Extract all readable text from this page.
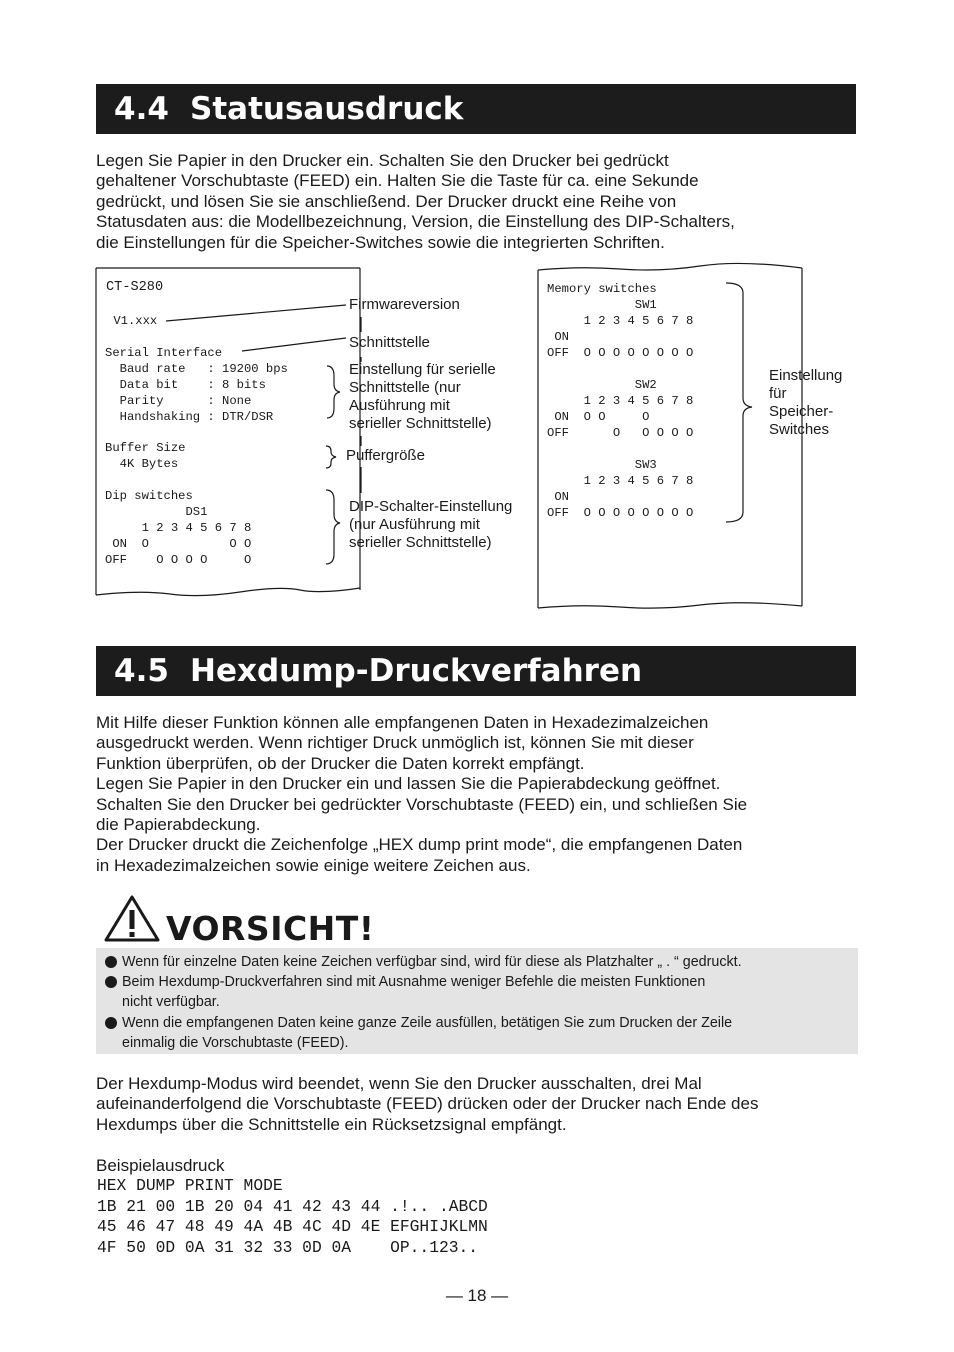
4.4 Statusausdruck
Legen Sie Papier in den Drucker ein. Schalten Sie den Drucker bei gedrückt
gehaltener Vorschubtaste (FEED) ein. Halten Sie die Taste für ca. eine Sekunde
gedrückt, und lösen Sie sie anschließend. Der Drucker druckt eine Reihe von
Statusdaten aus: die Modellbezeichnung, Version, die Einstellung des DIP-Schalters,
die Einstellungen für die Speicher-Switches sowie die integrierten Schriften.
CT-S280
V1.xxx
Serial Interface
Baud rate   : 19200 bps
Data bit    : 8 bits
Parity      : None
Handshaking : DTR/DSR
Buffer Size
4K Bytes
Dip switches
DS1
1 2 3 4 5 6 7 8
ON  O           O O
OFF    O O O O     O
Firmwareversion
Schnittstelle
Einstellung für serielle
Schnittstelle (nur
Ausführung mit
serieller Schnittstelle)
Puffergröße
DIP-Schalter-Einstellung
(nur Ausführung mit
serieller Schnittstelle)
Memory switches
SW1
1 2 3 4 5 6 7 8
ON
OFF  O O O O O O O O
SW2
1 2 3 4 5 6 7 8
ON  O O     O
OFF      O   O O O O
SW3
1 2 3 4 5 6 7 8
ON
OFF  O O O O O O O O
Einstellung
für
Speicher-
Switches
4.5 Hexdump-Druckverfahren
Mit Hilfe dieser Funktion können alle empfangenen Daten in Hexadezimalzeichen
ausgedruckt werden. Wenn richtiger Druck unmöglich ist, können Sie mit dieser
Funktion überprüfen, ob der Drucker die Daten korrekt empfängt.
Legen Sie Papier in den Drucker ein und lassen Sie die Papierabdeckung geöffnet.
Schalten Sie den Drucker bei gedrückter Vorschubtaste (FEED) ein, und schließen Sie
die Papierabdeckung.
Der Drucker druckt die Zeichenfolge „HEX dump print mode“, die empfangenen Daten
in Hexadezimalzeichen sowie einige weitere Zeichen aus.
VORSICHT!
Wenn für einzelne Daten keine Zeichen verfügbar sind, wird für diese als Platzhalter „ . “ gedruckt.
Beim Hexdump-Druckverfahren sind mit Ausnahme weniger Befehle die meisten Funktionen
nicht verfügbar.
Wenn die empfangenen Daten keine ganze Zeile ausfüllen, betätigen Sie zum Drucken der Zeile
einmalig die Vorschubtaste (FEED).
Der Hexdump-Modus wird beendet, wenn Sie den Drucker ausschalten, drei Mal
aufeinanderfolgend die Vorschubtaste (FEED) drücken oder der Drucker nach Ende des
Hexdumps über die Schnittstelle ein Rücksetzsignal empfängt.
Beispielausdruck
HEX DUMP PRINT MODE
1B 21 00 1B 20 04 41 42 43 44 .!.. .ABCD
45 46 47 48 49 4A 4B 4C 4D 4E EFGHIJKLMN
4F 50 0D 0A 31 32 33 0D 0A    OP..123..
— 18 —
